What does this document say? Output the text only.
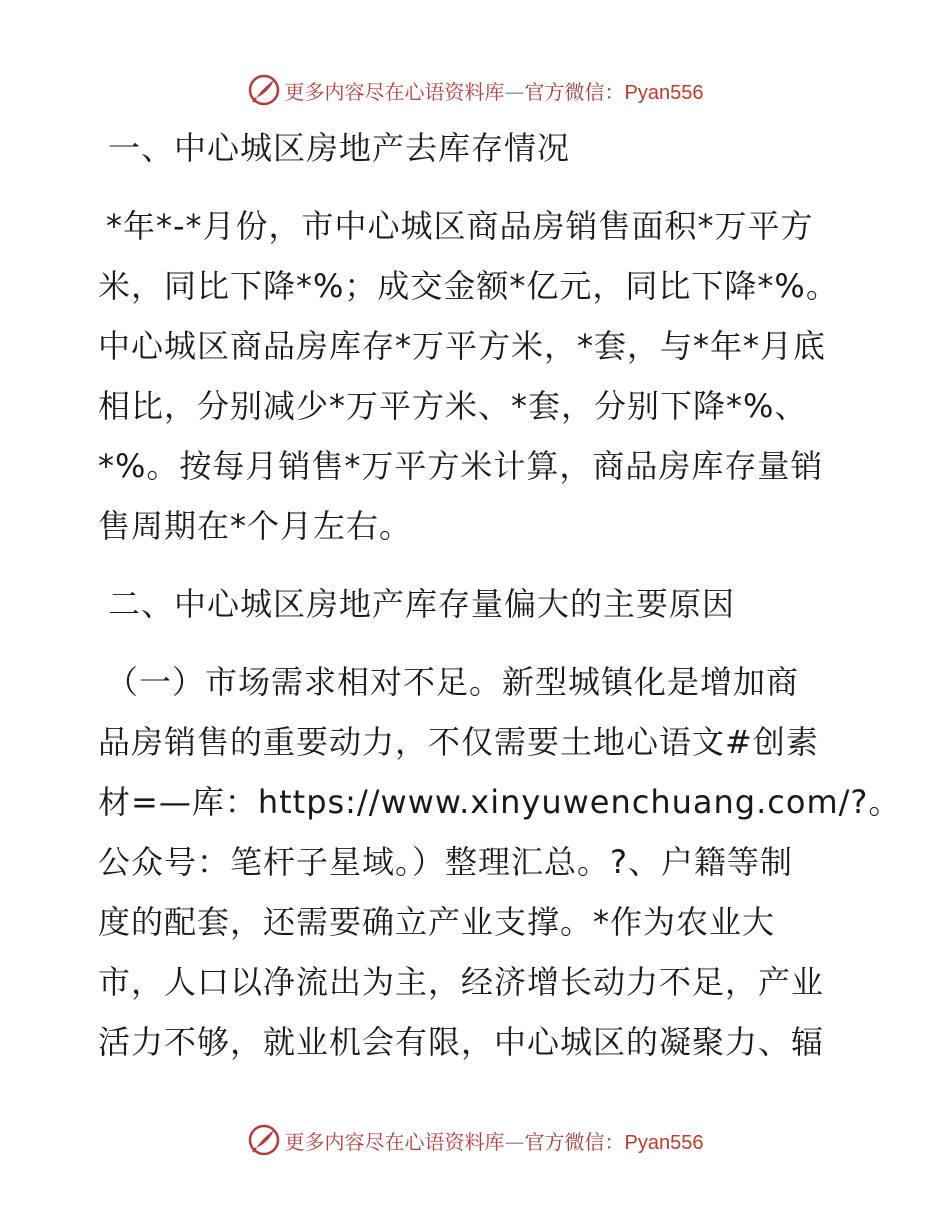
更多内容尽在心语资料库—官方微信：Pyan556

一、中心城区房地产去库存情况

*年*-*月份，市中心城区商品房销售面积*万平方

米，同比下降*%；成交金额*亿元，同比下降*%。

中心城区商品房库存*万平方米，*套，与*年*月底

相比，分别减少*万平方米、*套，分别下降*%、

*%。按每月销售*万平方米计算，商品房库存量销

售周期在*个月左右。

二、中心城区房地产库存量偏大的主要原因

（一）市场需求相对不足。新型城镇化是增加商

品房销售的重要动力，不仅需要土地心语文#创素

材=—库：https://www.xinyuwenchuang.com/?。

公众号：笔杆子星域。）整理汇总。?、户籍等制

度的配套，还需要确立产业支撑。*作为农业大

市，人口以净流出为主，经济增长动力不足，产业

活力不够，就业机会有限，中心城区的凝聚力、辐

更多内容尽在心语资料库—官方微信：Pyan556
